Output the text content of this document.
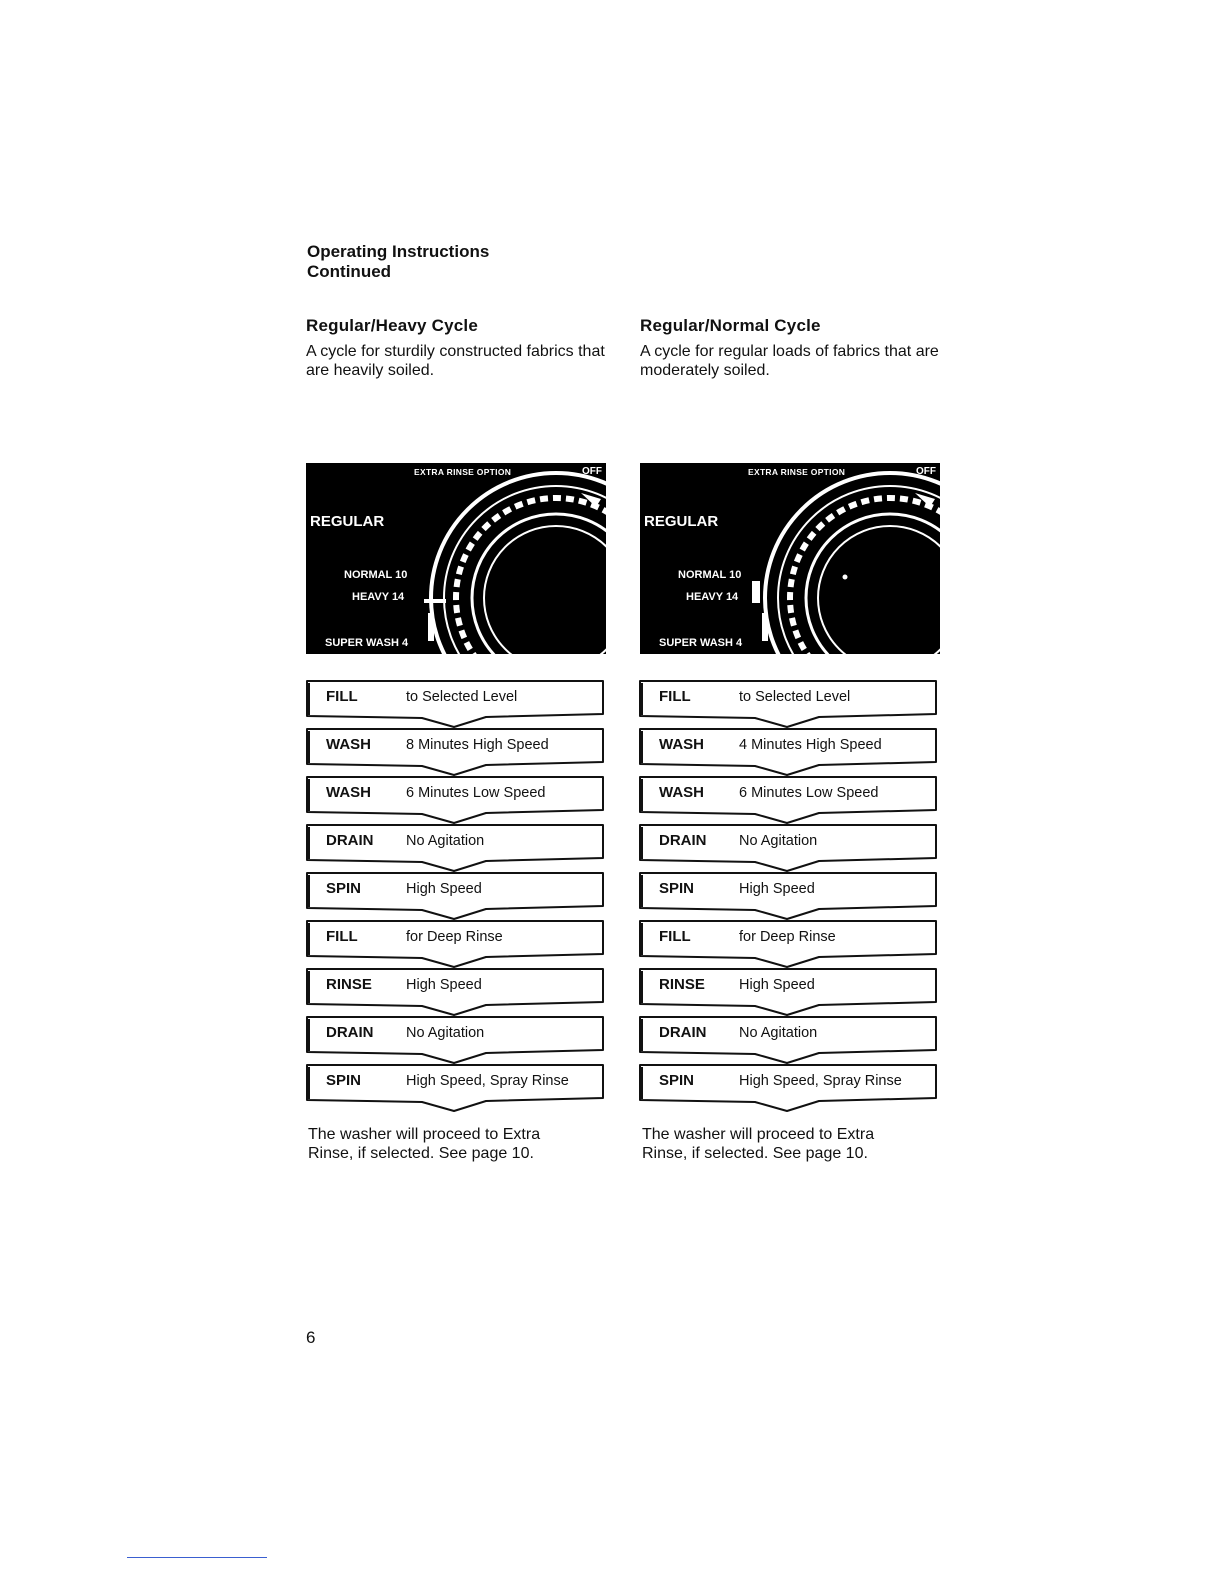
Operating Instructions
Continued

Regular/Heavy Cycle

A cycle for sturdily constructed fabrics that are heavily soiled.

EXTRA RINSE OPTION	OFF
REGULAR
NORMAL 10
HEAVY 14
SUPER WASH 4
FILL	to Selected Level
WASH 8 Minutes High Speed
WASH 6 Minutes Low Speed
DRAIN No Agitation
SPIN	High Speed
FILL	for Deep Rinse
RINSE High Speed
DRAIN No Agitation
SPIN	High Speed, Spray Rinse
The washer will proceed to Extra Rinse, if selected. See page 10.

Regular/Normal Cycle

A cycle for regular loads of fabrics that are moderately soiled.

EXTRA RINSE OPTION	OFF
REGULAR
NORMAL 10
HEAVY 14
SUPER WASH 4
FILL	to Selected Level
WASH 4 Minutes High Speed
WASH 6 Minutes Low Speed
DRAIN No Agitation
SPIN	High Speed
FILL	for Deep Rinse
RINSE High Speed
DRAIN No Agitation
SPIN	High Speed, Spray Rinse
The washer will proceed to Extra Rinse, if selected. See page 10.
6
